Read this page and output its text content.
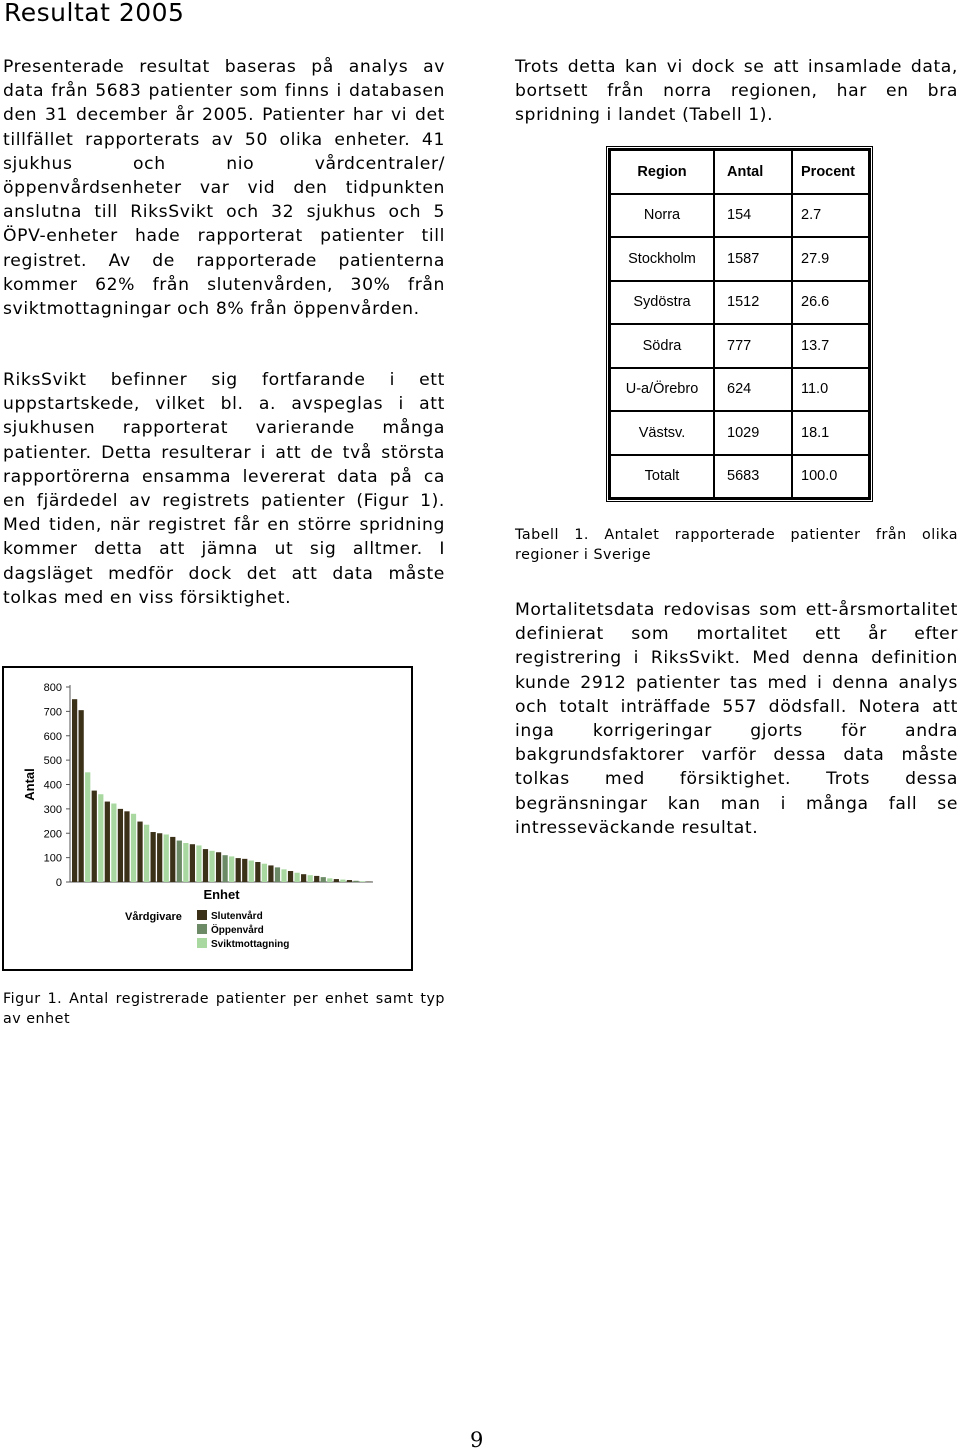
Resultat 2005

Presenterade resultat baseras på analys av data från 5683 patienter som finns i databasen den 31 december år 2005. Patienter har vi det tillfället rapporterats av 50 olika enheter. 41 sjukhus och nio vårdcentraler/öppenvårdsenheter var vid den tidpunkten anslutna till RiksSvikt och 32 sjukhus och 5 ÖPV-enheter hade rapporterat patienter till registret. Av de rapporterade patienterna kommer 62% från slutenvården, 30% från sviktmottagningar och 8% från öppenvården.

RiksSvikt befinner sig fortfarande i ett uppstartskede, vilket bl. a. avspeglas i att sjukhusen rapporterat varierande många patienter. Detta resulterar i att de två största rapportörerna ensamma levererat data på ca en fjärdedel av registrets patienter (Figur 1). Med tiden, när registret får en större spridning kommer detta att jämna ut sig alltmer. I dagsläget medför dock det att data måste tolkas med en viss försiktighet.

0
100
200
300
400
500
600
700
800
Antal
Enhet
Vårdgivare	Slutenvård
Öppenvård
Sviktmottagning

Figur 1. Antal registrerade patienter per enhet samt typ av enhet

Trots detta kan vi dock se att insamlade data, bortsett från norra regionen, har en bra spridning i landet (Tabell 1).

Region	Antal	Procent
Norra	154	2.7
Stockholm	1587	27.9
Sydöstra	1512	26.6
Södra	777	13.7
U-a/Örebro	624	11.0
Västsv.	1029	18.1
Totalt	5683	100.0

Tabell 1. Antalet rapporterade patienter från olika regioner i Sverige

Mortalitetsdata redovisas som ett-årsmortalitet definierat som mortalitet ett år efter registrering i RiksSvikt. Med denna definition kunde 2912 patienter tas med i denna analys och totalt inträffade 557 dödsfall. Notera att inga korrigeringar gjorts för andra bakgrundsfaktorer varför dessa data måste tolkas med försiktighet. Trots dessa begränsningar kan man i många fall se intresseväckande resultat.

9
